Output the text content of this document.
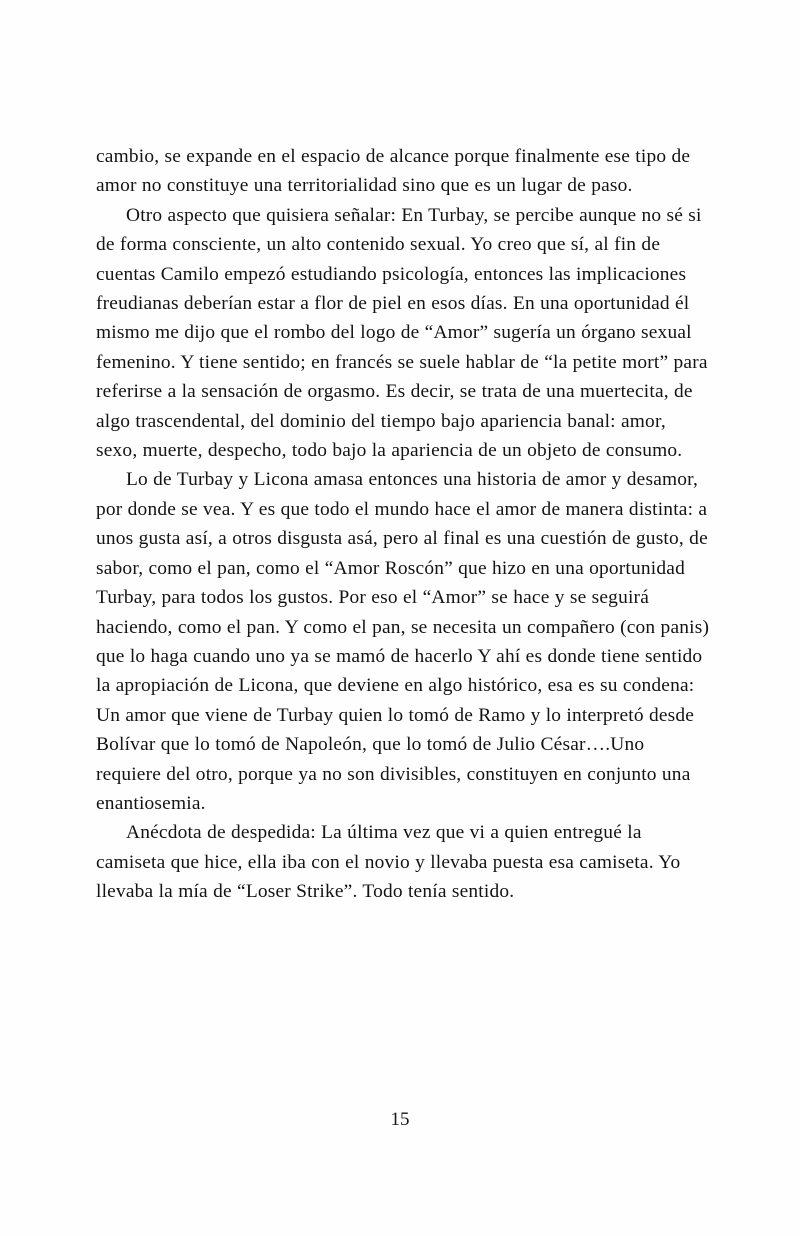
cambio, se expande en el espacio de alcance porque finalmente ese tipo de amor no constituye una territorialidad sino que es un lugar de paso.

Otro aspecto que quisiera señalar: En Turbay, se percibe aunque no sé si de forma consciente, un alto contenido sexual. Yo creo que sí, al fin de cuentas Camilo empezó estudiando psicología, entonces las implicaciones freudianas deberían estar a flor de piel en esos días. En una oportunidad él mismo me dijo que el rombo del logo de “Amor” sugería un órgano sexual femenino. Y tiene sentido; en francés se suele hablar de “la petite mort” para referirse a la sensación de orgasmo. Es decir, se trata de una muertecita, de algo trascendental, del dominio del tiempo bajo apariencia banal: amor, sexo, muerte, despecho, todo bajo la apariencia de un objeto de consumo.

Lo de Turbay y Licona amasa entonces una historia de amor y desamor, por donde se vea. Y es que todo el mundo hace el amor de manera distinta: a unos gusta así, a otros disgusta asá, pero al final es una cuestión de gusto, de sabor, como el pan, como el “Amor Roscón” que hizo en una oportunidad Turbay, para todos los gustos. Por eso el “Amor” se hace y se seguirá haciendo, como el pan. Y como el pan, se necesita un compañero (con panis) que lo haga cuando uno ya se mamó de hacerlo Y ahí es donde tiene sentido la apropiación de Licona, que deviene en algo histórico, esa es su condena: Un amor que viene de Turbay quien lo tomó de Ramo y lo interpretó desde Bolívar que lo tomó de Napoleón, que lo tomó de Julio César….Uno requiere del otro, porque ya no son divisibles, constituyen en conjunto una enantiosemia.

Anécdota de despedida: La última vez que vi a quien entregué la camiseta que hice, ella iba con el novio y llevaba puesta esa camiseta. Yo llevaba la mía de “Loser Strike”. Todo tenía sentido.

15
